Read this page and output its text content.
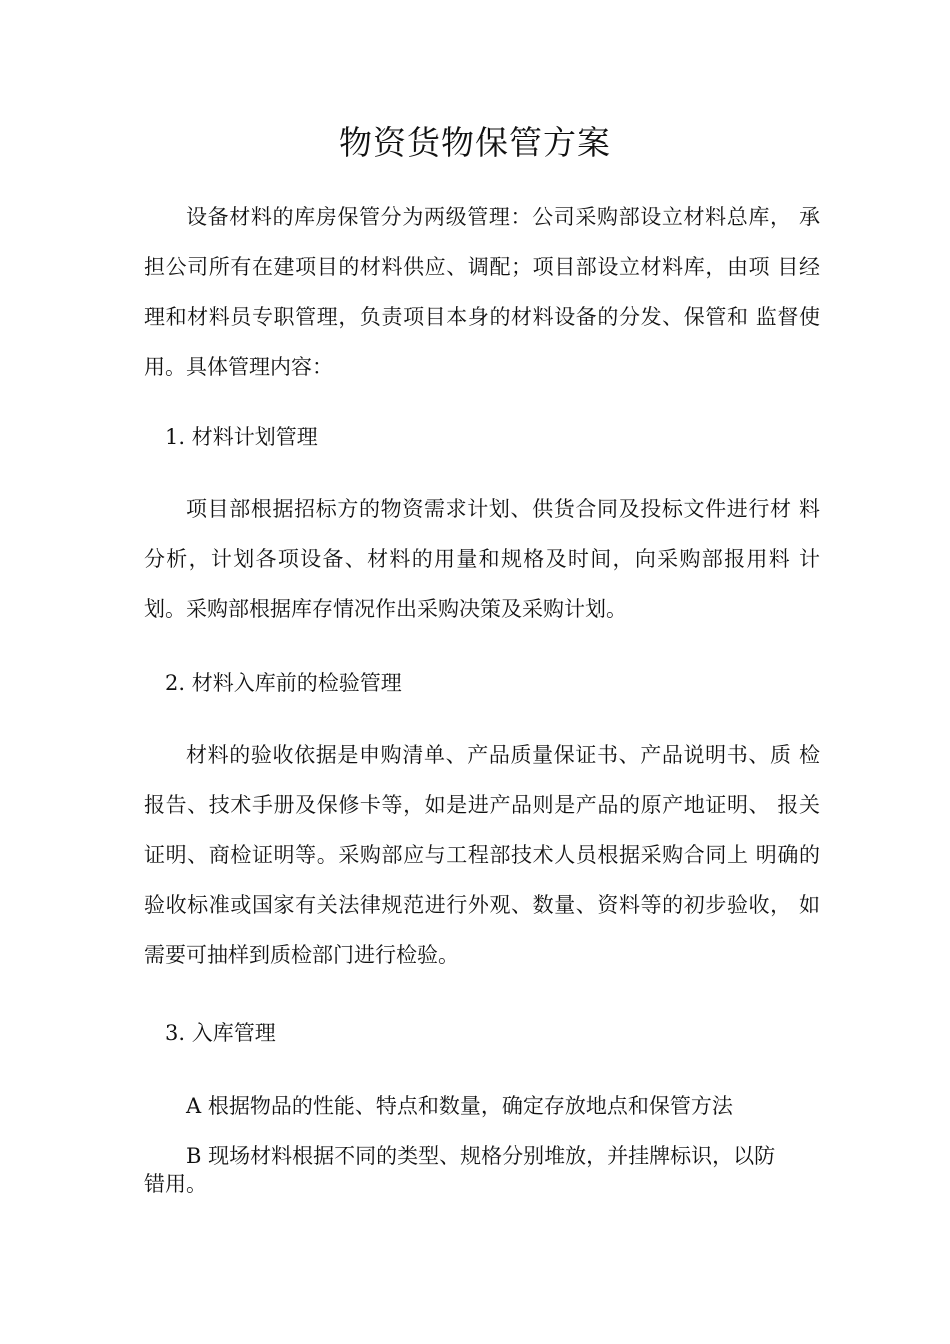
物资货物保管方案

设备材料的库房保管分为两级管理：公司采购部设立材料总库， 承担公司所有在建项目的材料供应、调配；项目部设立材料库，由项 目经理和材料员专职管理，负责项目本身的材料设备的分发、保管和 监督使用。具体管理内容：

1. 材料计划管理

项目部根据招标方的物资需求计划、供货合同及投标文件进行材 料分析，计划各项设备、材料的用量和规格及时间，向采购部报用料 计划。采购部根据库存情况作出采购决策及采购计划。

2. 材料入库前的检验管理

材料的验收依据是申购清单、产品质量保证书、产品说明书、质 检报告、技术手册及保修卡等，如是进产品则是产品的原产地证明、 报关证明、商检证明等。采购部应与工程部技术人员根据采购合同上 明确的验收标准或国家有关法律规范进行外观、数量、资料等的初步验收， 如需要可抽样到质检部门进行检验。

3. 入库管理

A 根据物品的性能、特点和数量，确定存放地点和保管方法

B 现场材料根据不同的类型、规格分别堆放，并挂牌标识，以防

错用。
